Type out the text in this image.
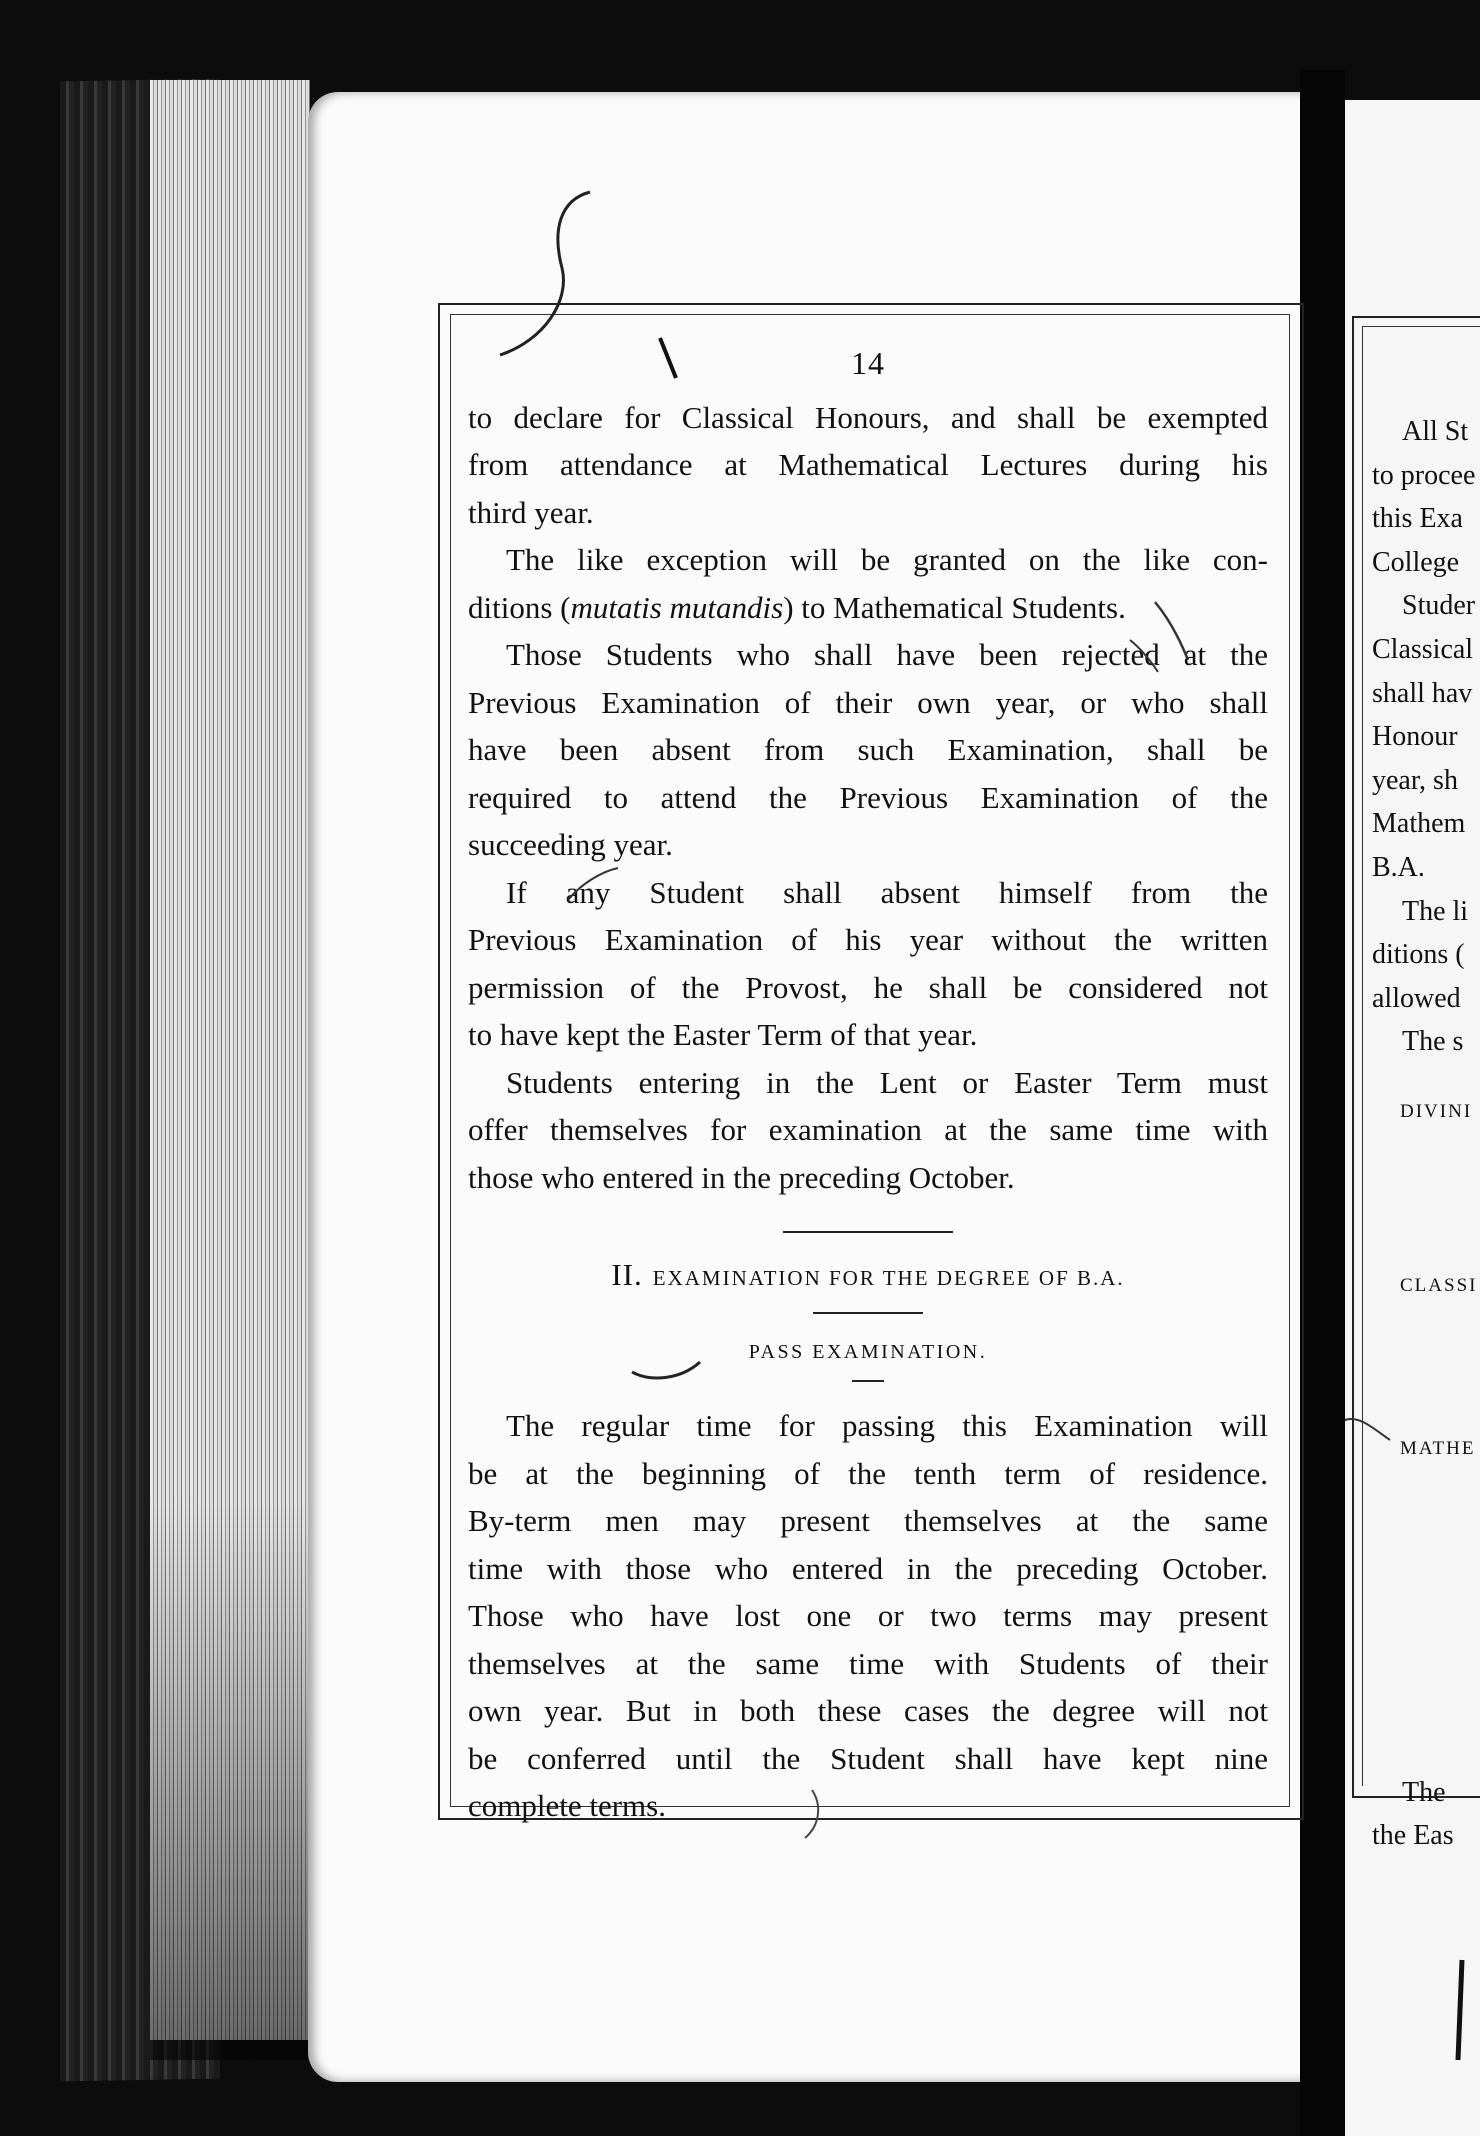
14

to declare for Classical Honours, and shall be exempted
from attendance at Mathematical Lectures during his
third year.

The like exception will be granted on the like con-
ditions (mutatis mutandis) to Mathematical Students.

Those Students who shall have been rejected at the
Previous Examination of their own year, or who shall
have been absent from such Examination, shall be
required to attend the Previous Examination of the
succeeding year.

If any Student shall absent himself from the
Previous Examination of his year without the written
permission of the Provost, he shall be considered not
to have kept the Easter Term of that year.

Students entering in the Lent or Easter Term must
offer themselves for examination at the same time with
those who entered in the preceding October.

II. EXAMINATION FOR THE DEGREE OF B.A.
PASS EXAMINATION.

The regular time for passing this Examination will
be at the beginning of the tenth term of residence.
By-term men may present themselves at the same
time with those who entered in the preceding October.
Those who have lost one or two terms may present
themselves at the same time with Students of their
own year. But in both these cases the degree will not
be conferred until the Student shall have kept nine
complete terms.

All St
to procee
this Exa
College
Studer
Classical
shall hav
Honour
year, sh
Mathem
B.A.
The li
ditions (
allowed
The s
DIVINI
CLASSI
MATHE
The
the Eas
